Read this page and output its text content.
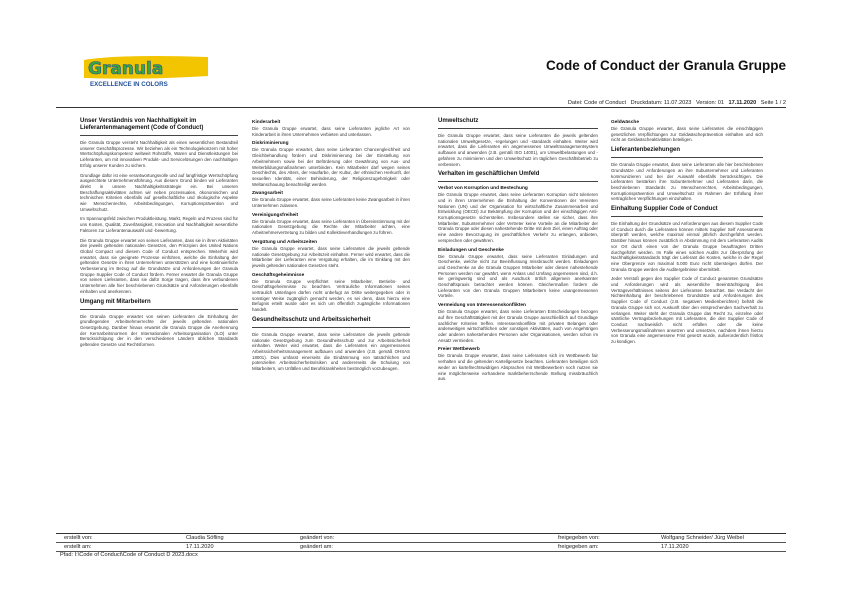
Granula
EXCELLENCE IN COLORS
Code of Conduct der Granula Gruppe
Datei: Code of Conduct Druckdatum: 11.07.2023 Version: 01 17.11.2020 Seite 1 / 2
Unser Verständnis von Nachhaltigkeit im Lieferantenmanagement (Code of Conduct)
Die Granula Gruppe versteht Nachhaltigkeit als einen wesentlichen Bestandteil unserer Geschäftsprozesse. Wir beziehen als ein Technologiekonzern mit hoher Wertschöpfungskompetenz weltweit Rohstoffe, Waren und Dienstleistungen bei Lieferanten, um mit innovativen Produkt- und Servicelösungen den nachhaltigen Erfolg unserer Kunden zu sichern.
Grundlage dafür ist eine verantwortungsvolle und auf langfristige Wertschöpfung ausgerichtete Unternehmensführung. Aus diesem Grund binden wir Lieferanten direkt in unsere Nachhaltigkeitsstrategie ein. Bei unseren Beschaffungsaktivitäten achten wir neben prozessualen, ökonomischen und technischen Kriterien ebenfalls auf gesellschaftliche und ökologische Aspekte wie Menschenrechte, Arbeitsbedingungen, Korruptionsprävention und Umweltschutz.
Im Spannungsfeld zwischen Produktleistung, Markt, Regeln und Prozess sind für uns Kosten, Qualität, Zuverlässigkeit, Innovation und Nachhaltigkeit wesentliche Faktoren zur Lieferantenauswahl und -bewertung.
Die Granula Gruppe erwartet von seinen Lieferanten, dass sie in ihren Aktivitäten den jeweils geltenden nationalen Gesetzen, den Prinzipien des United Nations Global Compact und diesem Code of Conduct entsprechen. Weiterhin wird erwartet, dass sie geeignete Prozesse einführen, welche die Einhaltung der geltenden Gesetze in ihren Unternehmen unterstützen und eine kontinuierliche Verbesserung im Bezug auf die Grundsätze und Anforderungen der Granula Gruppe Supplier Code of Conduct fördern. Ferner erwartet die Granula Gruppe von seinen Lieferanten, dass sie dafür Sorge tragen, dass ihre verbundenen Unternehmen alle hier beschriebenen Grundsätze und Anforderungen ebenfalls einhalten und anerkennen.
Umgang mit Mitarbeitern
Die Granula Gruppe erwartet von seinen Lieferanten die Einhaltung der grundlegenden Arbeitnehmerrechte der jeweils geltenden nationalen Gesetzgebung. Darüber hinaus erwartet die Granula Gruppe die Anerkennung der Kernarbeitsnormen der Internationalen Arbeitsorganisation (ILO) unter Berücksichtigung der in den verschiedenen Ländern üblichen Standards geltenden Gesetze und Rechtsformen.
Kinderarbeit
Die Granula Gruppe erwartet, dass seine Lieferanten jegliche Art von Kinderarbeit in ihren Unternehmen verbieten und unterlassen.
Diskriminierung
Die Granula Gruppe erwartet, dass seine Lieferanten Chancengleichheit und Gleichbehandlung fördern und Diskriminierung bei der Einstellung von Arbeitnehmern sowie bei der Beförderung oder Gewährung von Aus- und Weiterbildungsmaßnahmen unterbinden. Kein Mitarbeiter darf wegen seines Geschlechts, des Alters, der Hautfarbe, der Kultur, der ethnischen Herkunft, der sexuellen Identität, einer Behinderung, der Religionszugehörigkeit oder Weltanschauung benachteiligt werden.
Zwangsarbeit
Die Granula Gruppe erwartet, dass seine Lieferanten keine Zwangsarbeit in ihren Unternehmen zulassen.
Vereinigungsfreiheit
Die Granula Gruppe erwartet, dass seine Lieferanten in Übereinstimmung mit der nationalen Gesetzgebung die Rechte der Mitarbeiter achten, eine Arbeitnehmervertretung zu bilden und Kollektivverhandlungen zu führen.
Vergütung und Arbeitszeiten
Die Granula Gruppe erwartet, dass seine Lieferanten die jeweils geltende nationale Gesetzgebung zur Arbeitszeit einhalten. Ferner wird erwartet, dass die Mitarbeiter der Lieferanten eine Vergütung erhalten, die im Einklang mit den jeweils geltenden nationalen Gesetzen steht.
Geschäftsgeheimnisse
Die Granula Gruppe verpflichtet seine Mitarbeiter, Betriebs- und Geschäftsgeheimnisse zu beachten. Vertrauliche Informationen seines vertraulich Unterlagen dürfen nicht unbefugt an Dritte weitergegeben oder in sonstiger Weise zugänglich gemacht werden, es sei denn, dass hierzu eine Befugnis erteilt wurde oder es sich um öffentlich zugängliche Informationen handelt.
Gesundheitsschutz und Arbeitssicherheit
Die Granula Gruppe erwartet, dass seine Lieferanten die jeweils geltende nationale Gesetzgebung zum Gesundheitsschutz und zur Arbeitssicherheit einhalten. Weiter wird erwartet, dass die Lieferanten ein angemessenes Arbeitssicherheitsmanagement aufbauen und anwenden (z.B. gemäß OHSAS 18001). Dies umfasst einerseits die Eindämmung von tatsächlichen und potenziellen Arbeitssicherheitsrisiken und andererseits die Schulung von Mitarbeitern, um Unfällen und Berufskrankheiten bestmöglich vorzubeugen.
Umweltschutz
Die Granula Gruppe erwartet, dass seine Lieferanten die jeweils geltenden nationalen Umweltgesetze, -regelungen und -standards einhalten. Weiter wird erwartet, dass die Lieferanten ein angemessenes Umweltmanagementsystem aufbauen und anwenden (z.B. gemäß ISO 14001), um Umweltbelastungen und -gefahren zu minimieren und den Umweltschutz im täglichen Geschäftsbetrieb zu verbessern.
Verhalten im geschäftlichen Umfeld
Verbot von Korruption und Bestechung
Die Granula Gruppe erwartet, dass seine Lieferanten Korruption nicht tolerieren und in ihren Unternehmen die Einhaltung der Konventionen der Vereinten Nationen (UN) und der Organisation für wirtschaftliche Zusammenarbeit und Entwicklung (OECD) zur Bekämpfung der Korruption und der einschlägigen Anti-Korruptionsgesetze sicherstellen. Insbesondere stellen sie sicher, dass ihre Mitarbeiter, Subunternehmer oder Vertreter keine Vorteile an die Mitarbeiter der Granula Gruppe oder diesen nahestehende Dritte mit dem Ziel, einen Auftrag oder eine andere Bevorzugung im geschäftlichen Verkehr zu erlangen, anbieten, versprechen oder gewähren.
Einladungen und Geschenke
Die Granula Gruppe erwartet, dass seine Lieferanten Einladungen und Geschenke, welche nicht zur Beeinflussung missbraucht werden. Einladungen und Geschenke an die Granula Gruppen Mitarbeiter oder diesen nahestehende Personen werden nur gewährt, wenn Anlass und Umfang angemessen sind, d.h. sie geringwertig sind und als Ausdruck örtlich allgemein anerkannter Geschäftspraxis betrachtet werden können. Gleichermaßen fordern die Lieferanten von den Granula Gruppen Mitarbeitern keine unangemessenen Vorteile.
Vermeidung von Interessenskonflikten
Die Granula Gruppe erwartet, dass seine Lieferanten Entscheidungen bezogen auf ihre Geschäftstätigkeit mit der Granula Gruppe ausschließlich auf Grundlage sachlicher Kriterien treffen. Interessenskonflikte mit privaten Belangen oder anderweitigen wirtschaftlichen oder sonstigen Aktivitäten, auch von Angehörigen oder anderen nahestehenden Personen oder Organisationen, werden schon im Ansatz vermieden.
Freier Wettbewerb
Die Granula Gruppe erwartet, dass seine Lieferanten sich im Wettbewerb fair verhalten und die geltenden Kartellgesetze beachten. Lieferanten beteiligen sich weder an kartellrechtswidrigen Absprachen mit Wettbewerbern noch nutzen sie eine möglicherweise vorhandene marktbeherrschende Stellung missbräuchlich aus.
Geldwäsche
Die Granula Gruppe erwartet, dass seine Lieferanten die einschlägigen gesetzlichen Verpflichtungen zur Geldwäscheprävention einhalten und sich nicht an Geldwäscheaktivitäten beteiligen.
Lieferantenbeziehungen
Die Granula Gruppe erwartet, dass seine Lieferanten alle hier beschriebenen Grundsätze und Anforderungen an ihre Subunternehmer und Lieferanten kommunizieren und bei der Auswahl ebenfalls berücksichtigen. Die Lieferanten bestärken ihre Subunternehmer und Lieferanten darin, die beschriebenen Standards zu Menschenrechten, Arbeitsbedingungen, Korruptionsprävention und Umweltschutz im Rahmen der Erfüllung ihrer vertraglichen Verpflichtungen einzuhalten.
Einhaltung Supplier Code of Conduct
Die Einhaltung der Grundsätze und Anforderungen aus diesem Supplier Code of Conduct durch die Lieferanten können mittels Supplier Self Assessments überprüft werden, welche maximal einmal jährlich durchgeführt werden. Darüber hinaus können zusätzlich in Abstimmung mit dem Lieferanten Audits vor Ort durch einen von der Granula Gruppe beauftragten Dritten durchgeführt werden. Im Falle eines solchen Audits zur Überprüfung der Nachhaltigkeitsstandards trägt der Lieferant die Kosten, welche in der Regel eine Obergrenze von maximal 5.000 Euro nicht übersteigen dürfen. Der Granula Gruppe werden die Auditergebnisse übermittelt.
Jeder Verstoß gegen den Supplier Code of Conduct genannten Grundsätze und Anforderungen wird als wesentliche Beeinträchtigung des Vertragsverhältnisses seitens der Lieferanten betrachtet. Bei Verdacht der Nichteinhaltung der beschriebenen Grundsätze und Anforderungen des Supplier Code of Conduct (z.B. negativen Medienberichten) behält die Granula Gruppe sich vor, Auskunft über den entsprechenden Sachverhalt zu verlangen. Weiter steht der Granula Gruppe das Recht zu, einzelne oder sämtliche Vertragsbeziehungen mit Lieferanten, die den Supplier Code of Conduct nachweislich nicht erfüllen oder die keine Verbesserungsmaßnahmen ansetzen und umsetzen, nachdem ihnen hierzu von Granula eine angemessene Frist gesetzt wurde, außerordentlich fristlos zu kündigen.
erstellt von:	Claudia Söfling	geändert von:	freigegeben von:	Wolfgang Schneider/ Jürg Weibel
erstellt am:	17.11.2020	geändert am:	freigegeben am:	17.11.2020
Pfad: I:\Code of Conduct\Code of Conduct D 2023.docx
